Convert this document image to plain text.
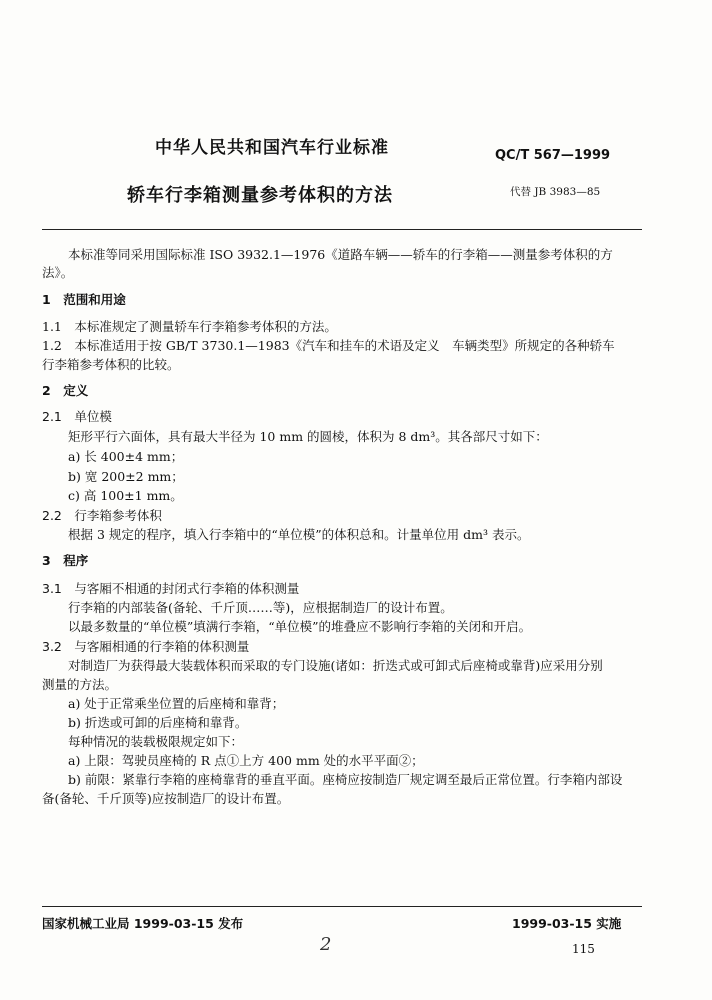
中华人民共和国汽车行业标准	QC/T 567—1999
轿车行李箱测量参考体积的方法	代替 JB 3983—85
本标准等同采用国际标准 ISO 3932.1—1976《道路车辆——轿车的行李箱——测量参考体积的方
法》。
1　范围和用途
1.1　本标准规定了测量轿车行李箱参考体积的方法。
1.2　本标准适用于按 GB/T 3730.1—1983《汽车和挂车的术语及定义　车辆类型》所规定的各种轿车
行李箱参考体积的比较。
2　定义
2.1　单位模
矩形平行六面体，具有最大半径为 10 mm 的圆棱，体积为 8 dm³。其各部尺寸如下：
a) 长 400±4 mm；
b) 宽 200±2 mm；
c) 高 100±1 mm。
2.2　行李箱参考体积
根据 3 规定的程序，填入行李箱中的“单位模”的体积总和。计量单位用 dm³ 表示。
3　程序
3.1　与客厢不相通的封闭式行李箱的体积测量
行李箱的内部装备(备轮、千斤顶……等)，应根据制造厂的设计布置。
以最多数量的“单位模”填满行李箱，“单位模”的堆叠应不影响行李箱的关闭和开启。
3.2　与客厢相通的行李箱的体积测量
对制造厂为获得最大装载体积而采取的专门设施(诸如：折迭式或可卸式后座椅或靠背)应采用分别
测量的方法。
a) 处于正常乘坐位置的后座椅和靠背；
b) 折迭或可卸的后座椅和靠背。
每种情况的装载极限规定如下：
a) 上限：驾驶员座椅的 R 点①上方 400 mm 处的水平平面②；
b) 前限：紧靠行李箱的座椅靠背的垂直平面。座椅应按制造厂规定调至最后正常位置。行李箱内部设
备(备轮、千斤顶等)应按制造厂的设计布置。
国家机械工业局 1999-03-15 发布	1999-03-15 实施
2	115
